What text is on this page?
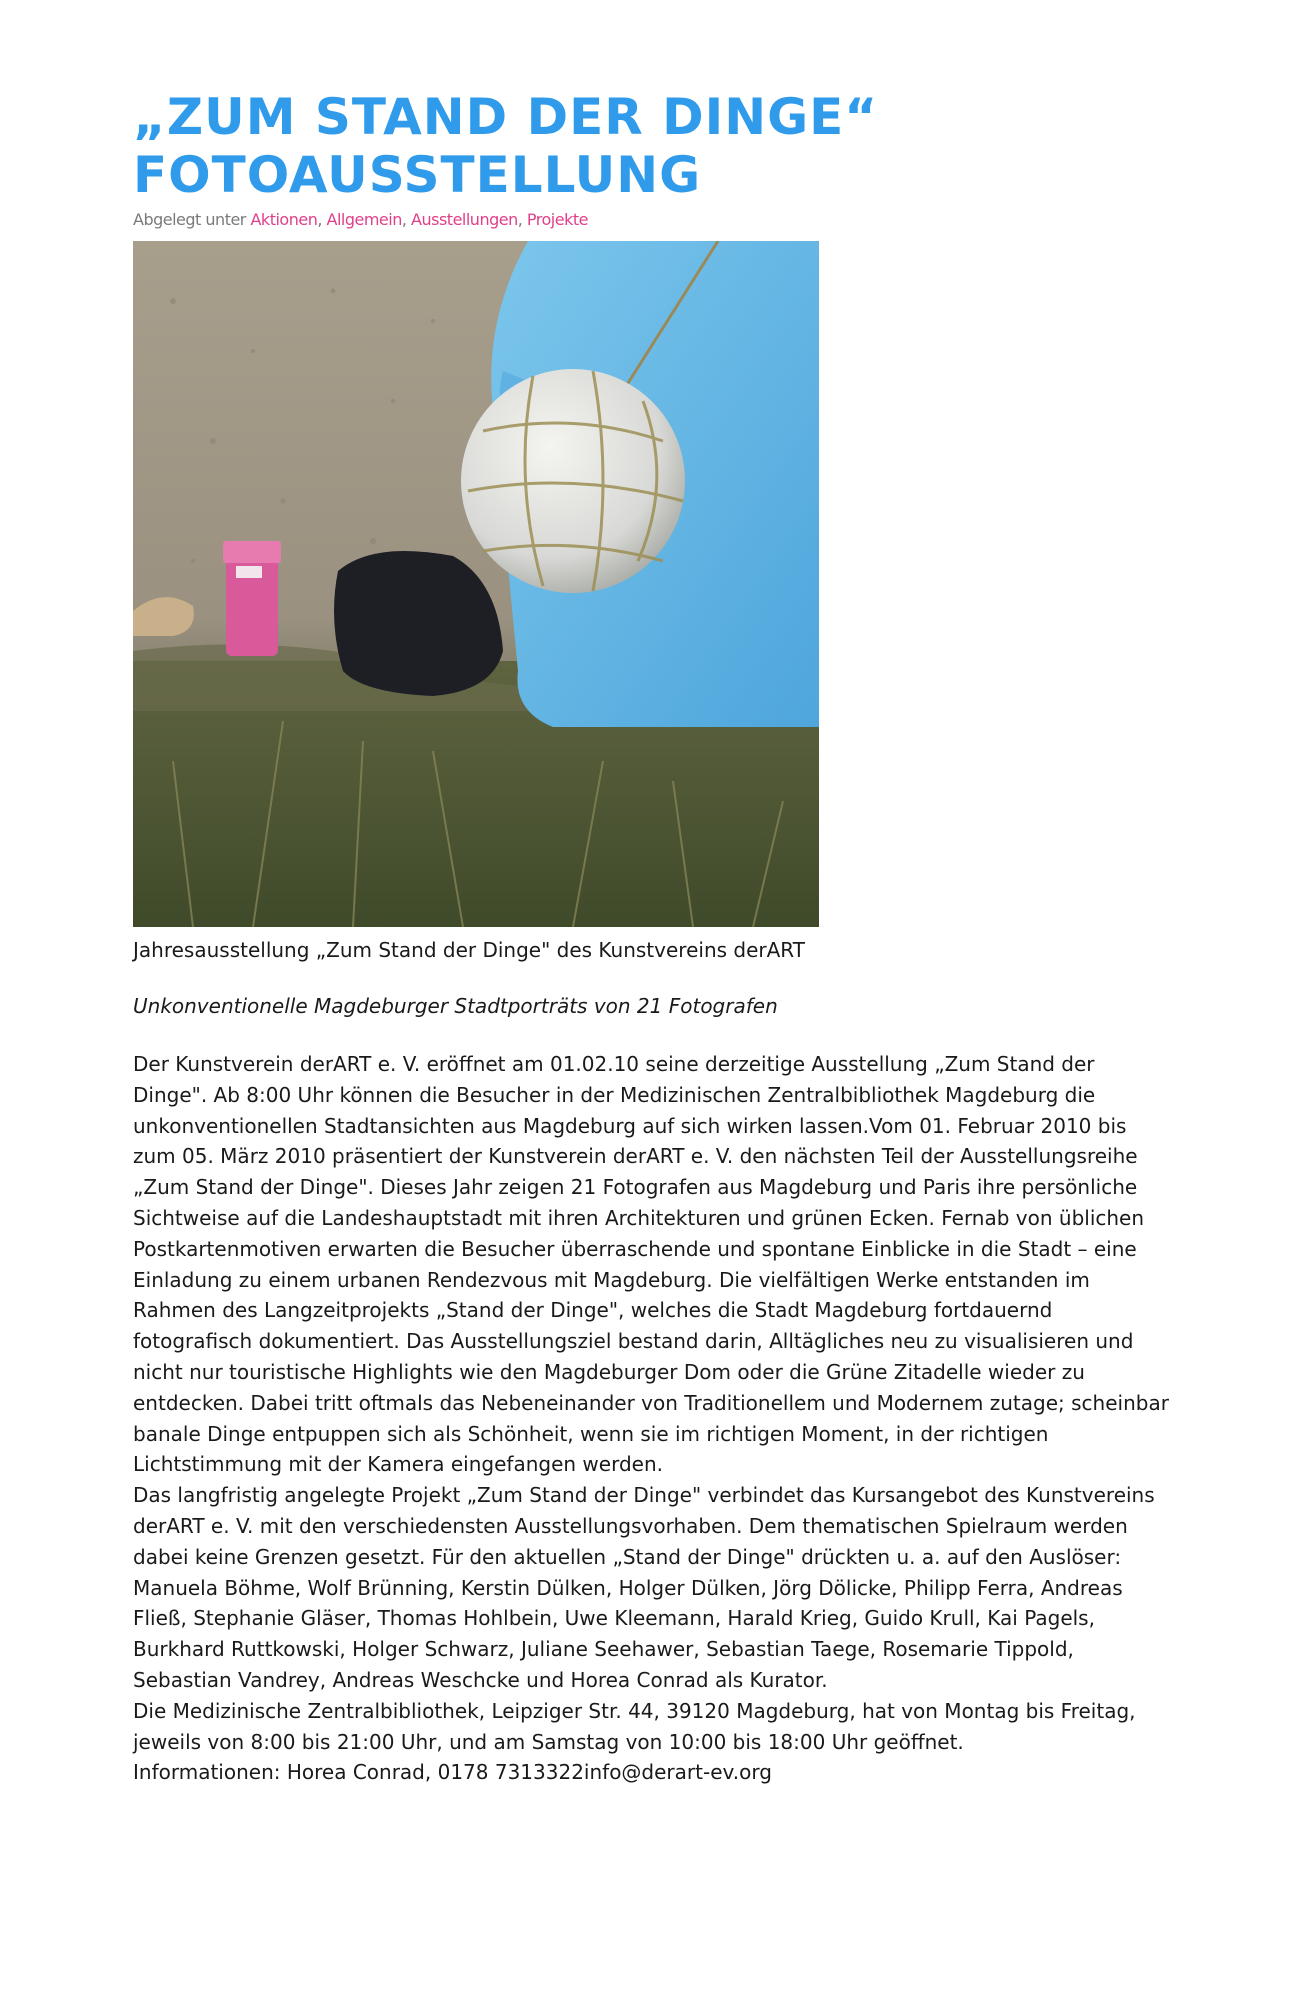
„ZUM STAND DER DINGE“
FOTOAUSSTELLUNG
Abgelegt unter Aktionen, Allgemein, Ausstellungen, Projekte
Jahresausstellung „Zum Stand der Dinge" des Kunstvereins derART
Unkonventionelle Magdeburger Stadtporträts von 21 Fotografen

Der Kunstverein derART e. V. eröffnet am 01.02.10 seine derzeitige Ausstellung „Zum Stand der Dinge". Ab 8:00 Uhr können die Besucher in der Medizinischen Zentralbibliothek Magdeburg die unkonventionellen Stadtansichten aus Magdeburg auf sich wirken lassen.Vom 01. Februar 2010 bis zum 05. März 2010 präsentiert der Kunstverein derART e. V. den nächsten Teil der Ausstellungsreihe „Zum Stand der Dinge". Dieses Jahr zeigen 21 Fotografen aus Magdeburg und Paris ihre persönliche Sichtweise auf die Landeshauptstadt mit ihren Architekturen und grünen Ecken. Fernab von üblichen Postkartenmotiven erwarten die Besucher überraschende und spontane Einblicke in die Stadt – eine Einladung zu einem urbanen Rendezvous mit Magdeburg. Die vielfältigen Werke entstanden im Rahmen des Langzeitprojekts „Stand der Dinge", welches die Stadt Magdeburg fortdauernd fotografisch dokumentiert. Das Ausstellungsziel bestand darin, Alltägliches neu zu visualisieren und nicht nur touristische Highlights wie den Magdeburger Dom oder die Grüne Zitadelle wieder zu entdecken. Dabei tritt oftmals das Nebeneinander von Traditionellem und Modernem zutage; scheinbar banale Dinge entpuppen sich als Schönheit, wenn sie im richtigen Moment, in der richtigen Lichtstimmung mit der Kamera eingefangen werden.

Das langfristig angelegte Projekt „Zum Stand der Dinge" verbindet das Kursangebot des Kunstvereins derART e. V. mit den verschiedensten Ausstellungsvorhaben. Dem thematischen Spielraum werden dabei keine Grenzen gesetzt. Für den aktuellen „Stand der Dinge" drückten u. a. auf den Auslöser: Manuela Böhme, Wolf Brünning, Kerstin Dülken, Holger Dülken, Jörg Dölicke, Philipp Ferra, Andreas Fließ, Stephanie Gläser, Thomas Hohlbein, Uwe Kleemann, Harald Krieg, Guido Krull, Kai Pagels, Burkhard Ruttkowski, Holger Schwarz, Juliane Seehawer, Sebastian Taege, Rosemarie Tippold, Sebastian Vandrey, Andreas Weschcke und Horea Conrad als Kurator.

Die Medizinische Zentralbibliothek, Leipziger Str. 44, 39120 Magdeburg, hat von Montag bis Freitag, jeweils von 8:00 bis 21:00 Uhr, und am Samstag von 10:00 bis 18:00 Uhr geöffnet.

Informationen: Horea Conrad, 0178 7313322info@derart-ev.org
